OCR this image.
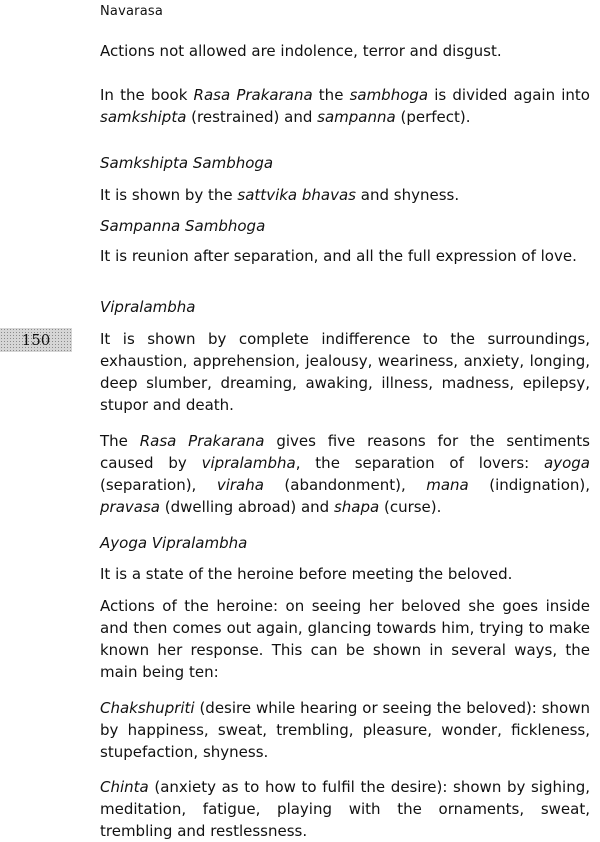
Navarasa
150

Actions not allowed are indolence, terror and disgust.

In the book Rasa Prakarana the sambhoga is divided again into samkshipta (restrained) and sampanna (perfect).

Samkshipta Sambhoga

It is shown by the sattvika bhavas and shyness.

Sampanna Sambhoga

It is reunion after separation, and all the full expression of love.

Vipralambha

It is shown by complete indifference to the surroundings, exhaustion, apprehension, jealousy, weariness, anxiety, longing, deep slumber, dreaming, awaking, illness, madness, epilepsy, stupor and death.

The Rasa Prakarana gives five reasons for the sentiments caused by vipralambha, the separation of lovers: ayoga (separation), viraha (abandonment), mana (indignation), pravasa (dwelling abroad) and shapa (curse).

Ayoga Vipralambha

It is a state of the heroine before meeting the beloved.

Actions of the heroine: on seeing her beloved she goes inside and then comes out again, glancing towards him, trying to make known her response. This can be shown in several ways, the main being ten:

Chakshupriti (desire while hearing or seeing the beloved): shown by happiness, sweat, trembling, pleasure, wonder, fickleness, stupefaction, shyness.

Chinta (anxiety as to how to fulfil the desire): shown by sighing, meditation, fatigue, playing with the ornaments, sweat, trembling and restlessness.
